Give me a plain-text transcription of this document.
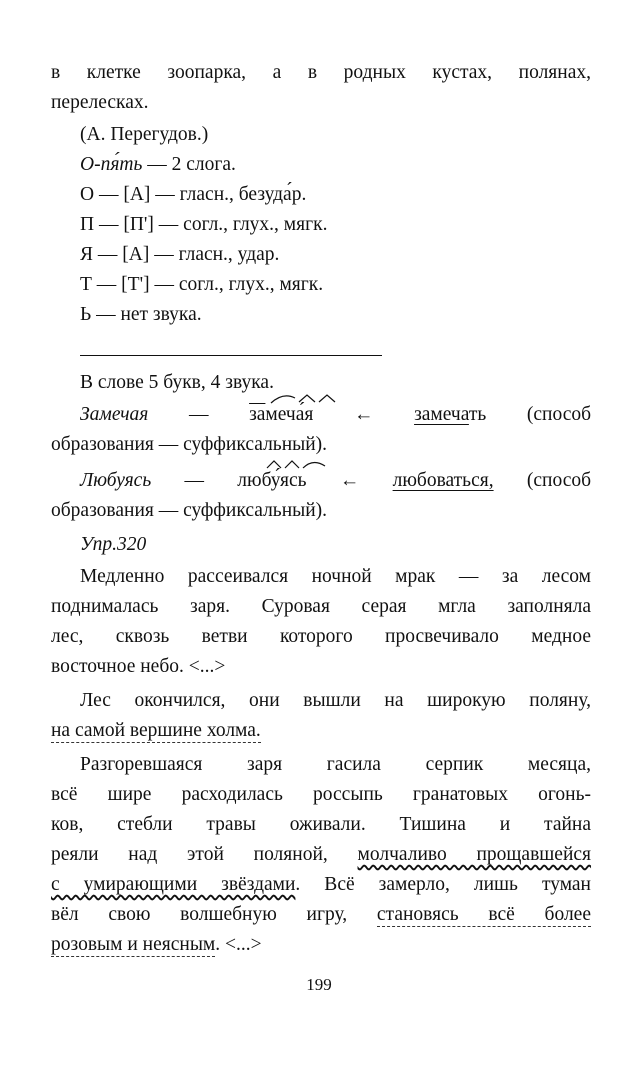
в клетке зоопарка, а в родных кустах, полянах,
перелесках.
(А. Перегудов.)
О-пя́ть — 2 слога.
О — [А] — гласн., безуда́р.
П — [П'] — согл., глух., мягк.
Я — [А] — гласн., удар.
Т — [Т'] — согл., глух., мягк.
Ь — нет звука.
В слове 5 букв, 4 звука.
Замечая — замеча́я ← замечать (способ
образования — суффиксальный).
Любуясь — любу́ясь ← любоваться, (способ
образования — суффиксальный).
Упр.320
Медленно рассеивался ночной мрак — за лесом
поднималась заря. Суровая серая мгла заполняла
лес, сквозь ветви которого просвечивало медное
восточное небо. <...>
Лес окончился, они вышли на широкую поляну,
на самой вершине холма.
Разгоревшаяся заря гасила серпик месяца,
всё шире расходилась россыпь гранатовых огонь-
ков, стебли травы оживали. Тишина и тайна
реяли над этой поляной, молчаливо прощавшейся
с умирающими звёздами. Всё замерло, лишь туман
вёл свою волшебную игру, становясь всё более
розовым и неясным. <...>
199
